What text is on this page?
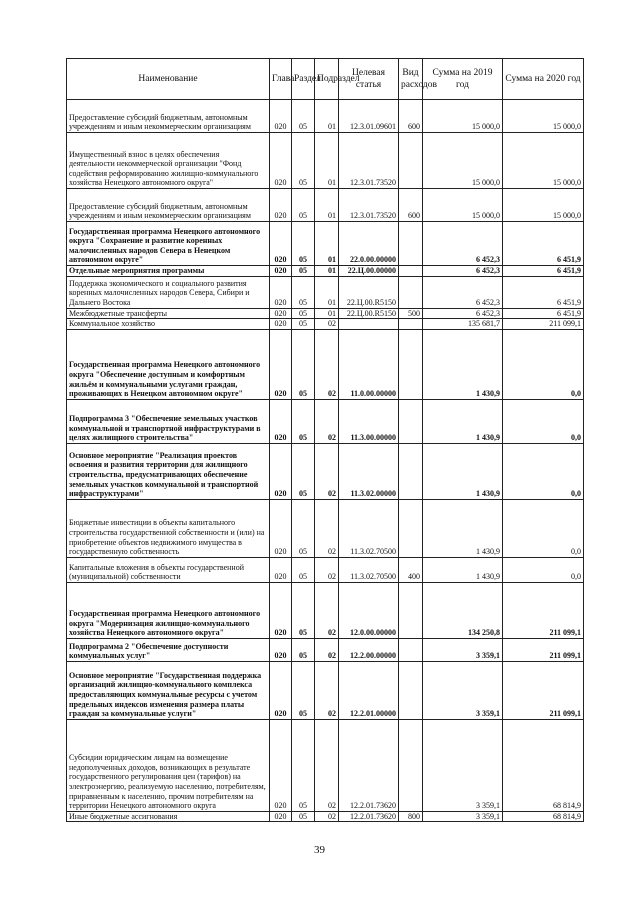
Наименование	Глава	Раздел	Подраздел	Целевая статья	Вид расходов	Сумма на 2019 год	Сумма на 2020 год
Предоставление субсидий бюджетным, автономным учреждениям и иным некоммерческим организациям	020	05	01	12.3.01.09601	600	15 000,0	15 000,0
Имущественный взнос в целях обеспечения деятельности некоммерческой организации "Фонд содействия реформированию жилищно-коммунального хозяйства Ненецкого автономного округа"	020	05	01	12.3.01.73520		15 000,0	15 000,0
Предоставление субсидий бюджетным, автономным учреждениям и иным некоммерческим организациям	020	05	01	12.3.01.73520	600	15 000,0	15 000,0
Государственная программа Ненецкого автономного округа "Сохранение и развитие коренных малочисленных народов Севера в Ненецком автономном округе"	020	05	01	22.0.00.00000		6 452,3	6 451,9
Отдельные мероприятия программы	020	05	01	22.Ц.00.00000		6 452,3	6 451,9
Поддержка экономического и социального развития коренных малочисленных народов Севера, Сибири и Дальнего Востока	020	05	01	22.Ц.00.R5150		6 452,3	6 451,9
Межбюджетные трансферты	020	05	01	22.Ц.00.R5150	500	6 452,3	6 451,9
Коммунальное хозяйство	020	05	02			135 681,7	211 099,1
Государственная программа Ненецкого автономного округа "Обеспечение доступным и комфортным жильём и коммунальными услугами граждан, проживающих в Ненецком автономном округе"	020	05	02	11.0.00.00000		1 430,9	0,0
Подпрограмма 3 "Обеспечение земельных участков коммунальной и транспортной инфраструктурами в целях жилищного строительства"	020	05	02	11.3.00.00000		1 430,9	0,0
Основное мероприятие "Реализация проектов освоения и развития территории для жилищного строительства, предусматривающих обеспечение земельных участков коммунальной и транспортной инфраструктурами"	020	05	02	11.3.02.00000		1 430,9	0,0
Бюджетные инвестиции в объекты капитального строительства государственной собственности и (или) на приобретение объектов недвижимого имущества в государственную собственность	020	05	02	11.3.02.70500		1 430,9	0,0
Капитальные вложения в объекты государственной (муниципальной) собственности	020	05	02	11.3.02.70500	400	1 430,9	0,0
Государственная программа Ненецкого автономного округа "Модернизация жилищно-коммунального хозяйства Ненецкого автономного округа"	020	05	02	12.0.00.00000		134 250,8	211 099,1
Подпрограмма 2 "Обеспечение доступности коммунальных услуг"	020	05	02	12.2.00.00000		3 359,1	211 099,1
Основное мероприятие "Государственная поддержка организаций жилищно-коммунального комплекса предоставляющих коммунальные ресурсы с учетом предельных индексов изменения размера платы граждан за коммунальные услуги"	020	05	02	12.2.01.00000		3 359,1	211 099,1
Субсидии юридическим лицам на возмещение недополученных доходов, возникающих в результате государственного регулирования цен (тарифов) на электроэнергию, реализуемую населению, потребителям, приравненным к населению, прочим потребителям на территории Ненецкого автономного округа	020	05	02	12.2.01.73620		3 359,1	68 814,9
Иные бюджетные ассигнования	020	05	02	12.2.01.73620	800	3 359,1	68 814,9
39
